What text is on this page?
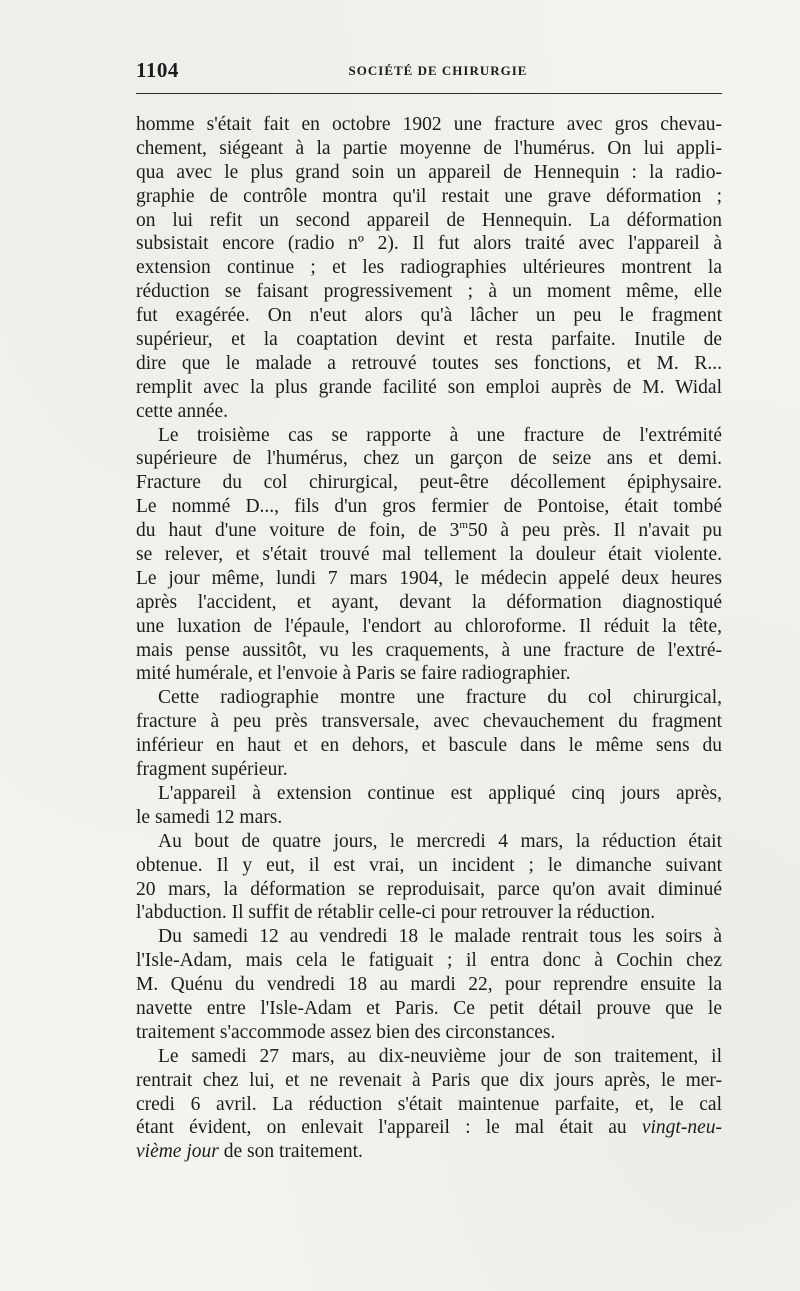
1104	SOCIÉTÉ DE CHIRURGIE
homme s'était fait en octobre 1902 une fracture avec gros chevau-
chement, siégeant à la partie moyenne de l'humérus. On lui appli-
qua avec le plus grand soin un appareil de Hennequin : la radio-
graphie de contrôle montra qu'il restait une grave déformation ;
on lui refit un second appareil de Hennequin. La déformation
subsistait encore (radio nº 2). Il fut alors traité avec l'appareil à
extension continue ; et les radiographies ultérieures montrent la
réduction se faisant progressivement ; à un moment même, elle
fut exagérée. On n'eut alors qu'à lâcher un peu le fragment
supérieur, et la coaptation devint et resta parfaite. Inutile de
dire que le malade a retrouvé toutes ses fonctions, et M. R...
remplit avec la plus grande facilité son emploi auprès de M. Widal
cette année.
Le troisième cas se rapporte à une fracture de l'extrémité
supérieure de l'humérus, chez un garçon de seize ans et demi.
Fracture du col chirurgical, peut-être décollement épiphysaire.
Le nommé D..., fils d'un gros fermier de Pontoise, était tombé
du haut d'une voiture de foin, de 3$^m$50 à peu près. Il n'avait pu
se relever, et s'était trouvé mal tellement la douleur était violente.
Le jour même, lundi 7 mars 1904, le médecin appelé deux heures
après l'accident, et ayant, devant la déformation diagnostiqué
une luxation de l'épaule, l'endort au chloroforme. Il réduit la tête,
mais pense aussitôt, vu les craquements, à une fracture de l'extré-
mité humérale, et l'envoie à Paris se faire radiographier.
Cette radiographie montre une fracture du col chirurgical,
fracture à peu près transversale, avec chevauchement du fragment
inférieur en haut et en dehors, et bascule dans le même sens du
fragment supérieur.
L'appareil à extension continue est appliqué cinq jours après,
le samedi 12 mars.
Au bout de quatre jours, le mercredi 4 mars, la réduction était
obtenue. Il y eut, il est vrai, un incident ; le dimanche suivant
20 mars, la déformation se reproduisait, parce qu'on avait diminué
l'abduction. Il suffit de rétablir celle-ci pour retrouver la réduction.
Du samedi 12 au vendredi 18 le malade rentrait tous les soirs à
l'Isle-Adam, mais cela le fatiguait ; il entra donc à Cochin chez
M. Quénu du vendredi 18 au mardi 22, pour reprendre ensuite la
navette entre l'Isle-Adam et Paris. Ce petit détail prouve que le
traitement s'accommode assez bien des circonstances.
Le samedi 27 mars, au dix-neuvième jour de son traitement, il
rentrait chez lui, et ne revenait à Paris que dix jours après, le mer-
credi 6 avril. La réduction s'était maintenue parfaite, et, le cal
étant évident, on enlevait l'appareil : le mal était au vingt-neu-
vième jour de son traitement.
